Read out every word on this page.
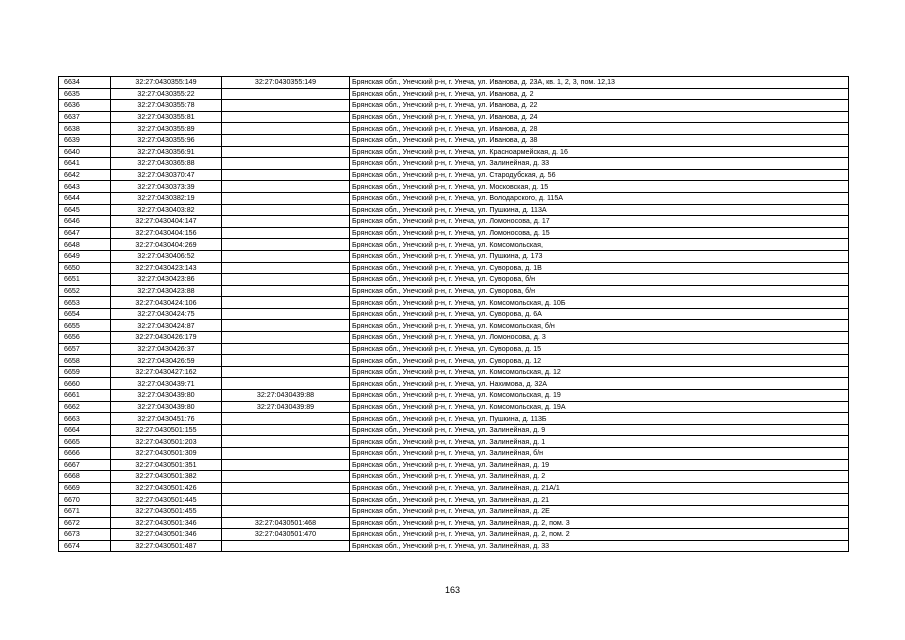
6634	32:27:0430355:149	32:27:0430355:149	Брянская обл., Унечский р-н, г. Унеча, ул. Иванова, д. 23А, кв. 1, 2, 3, пом. 12,13
6635	32:27:0430355:22		Брянская обл., Унечский р-н, г. Унеча, ул. Иванова, д. 2
6636	32:27:0430355:78		Брянская обл., Унечский р-н, г. Унеча, ул. Иванова, д. 22
6637	32:27:0430355:81		Брянская обл., Унечский р-н, г. Унеча, ул. Иванова, д. 24
6638	32:27:0430355:89		Брянская обл., Унечский р-н, г. Унеча, ул. Иванова, д. 28
6639	32:27:0430355:96		Брянская обл., Унечский р-н, г. Унеча, ул. Иванова, д. 38
6640	32:27:0430356:91		Брянская обл., Унечский р-н, г. Унеча, ул. Красноармейская, д. 16
6641	32:27:0430365:88		Брянская обл., Унечский р-н, г. Унеча, ул. Залинейная, д. 33
6642	32:27:0430370:47		Брянская обл., Унечский р-н, г. Унеча, ул. Стародубская, д. 56
6643	32:27:0430373:39		Брянская обл., Унечский р-н, г. Унеча, ул. Московская, д. 15
6644	32:27:0430382:19		Брянская обл., Унечский р-н, г. Унеча, ул. Володарского, д. 115А
6645	32:27:0430403:82		Брянская обл., Унечский р-н, г. Унеча, ул. Пушкина, д. 113А
6646	32:27:0430404:147		Брянская обл., Унечский р-н, г. Унеча, ул. Ломоносова, д. 17
6647	32:27:0430404:156		Брянская обл., Унечский р-н, г. Унеча, ул. Ломоносова, д. 15
6648	32:27:0430404:269		Брянская обл., Унечский р-н, г. Унеча, ул. Комсомольская,
6649	32:27:0430406:52		Брянская обл., Унечский р-н, г. Унеча, ул. Пушкина, д. 173
6650	32:27:0430423:143		Брянская обл., Унечский р-н, г. Унеча, ул. Суворова, д. 1В
6651	32:27:0430423:86		Брянская обл., Унечский р-н, г. Унеча, ул. Суворова, б/н
6652	32:27:0430423:88		Брянская обл., Унечский р-н, г. Унеча, ул. Суворова, б/н
6653	32:27:0430424:106		Брянская обл., Унечский р-н, г. Унеча, ул. Комсомольская, д. 10Б
6654	32:27:0430424:75		Брянская обл., Унечский р-н, г. Унеча, ул. Суворова, д. 6А
6655	32:27:0430424:87		Брянская обл., Унечский р-н, г. Унеча, ул. Комсомольская, б/н
6656	32:27:0430426:179		Брянская обл., Унечский р-н, г. Унеча, ул. Ломоносова, д. 3
6657	32:27:0430426:37		Брянская обл., Унечский р-н, г. Унеча, ул. Суворова, д. 15
6658	32:27:0430426:59		Брянская обл., Унечский р-н, г. Унеча, ул. Суворова, д. 12
6659	32:27:0430427:162		Брянская обл., Унечский р-н, г. Унеча, ул. Комсомольская, д. 12
6660	32:27:0430439:71		Брянская обл., Унечский р-н, г. Унеча, ул. Нахимова, д. 32А
6661	32:27:0430439:80	32:27:0430439:88	Брянская обл., Унечский р-н, г. Унеча, ул. Комсомольская, д. 19
6662	32:27:0430439:80	32:27:0430439:89	Брянская обл., Унечский р-н, г. Унеча, ул. Комсомольская, д. 19А
6663	32:27:0430451:76		Брянская обл., Унечский р-н, г. Унеча, ул. Пушкина, д. 113Б
6664	32:27:0430501:155		Брянская обл., Унечский р-н, г. Унеча, ул. Залинейная, д. 9
6665	32:27:0430501:203		Брянская обл., Унечский р-н, г. Унеча, ул. Залинейная, д. 1
6666	32:27:0430501:309		Брянская обл., Унечский р-н, г. Унеча, ул. Залинейная, б/н
6667	32:27:0430501:351		Брянская обл., Унечский р-н, г. Унеча, ул. Залинейная, д. 19
6668	32:27:0430501:382		Брянская обл., Унечский р-н, г. Унеча, ул. Залинейная, д. 2
6669	32:27:0430501:426		Брянская обл., Унечский р-н, г. Унеча, ул. Залинейная, д. 21А/1
6670	32:27:0430501:445		Брянская обл., Унечский р-н, г. Унеча, ул. Залинейная, д. 21
6671	32:27:0430501:455		Брянская обл., Унечский р-н, г. Унеча, ул. Залинейная, д. 2Е
6672	32:27:0430501:346	32:27:0430501:468	Брянская обл., Унечский р-н, г. Унеча, ул. Залинейная, д. 2, пом. 3
6673	32:27:0430501:346	32:27:0430501:470	Брянская обл., Унечский р-н, г. Унеча, ул. Залинейная, д. 2, пом. 2
6674	32:27:0430501:487		Брянская обл., Унечский р-н, г. Унеча, ул. Залинейная, д. 33
163
